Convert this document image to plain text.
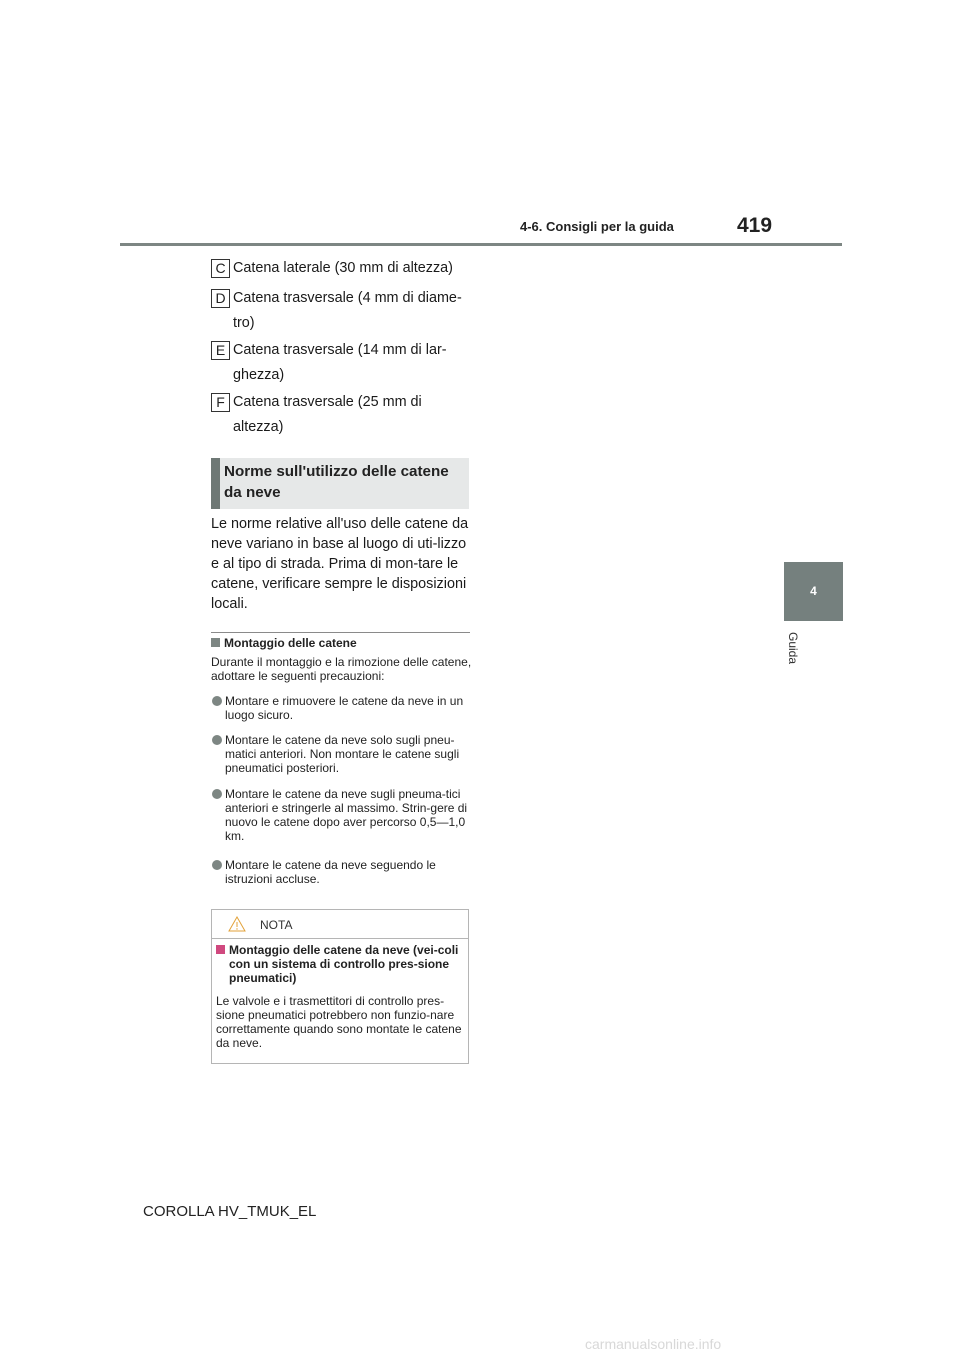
4-6. Consigli per la guida	419
4
Guida
C Catena laterale (30 mm di altezza)
D Catena trasversale (4 mm di diame-tro)
E Catena trasversale (14 mm di lar-ghezza)
F Catena trasversale (25 mm di altezza)
Norme sull'utilizzo delle catene da neve
Le norme relative all'uso delle catene da neve variano in base al luogo di uti-lizzo e al tipo di strada. Prima di mon-tare le catene, verificare sempre le disposizioni locali.
Montaggio delle catene
Durante il montaggio e la rimozione delle catene, adottare le seguenti precauzioni:
Montare e rimuovere le catene da neve in un luogo sicuro.
Montare le catene da neve solo sugli pneu-matici anteriori. Non montare le catene sugli pneumatici posteriori.
Montare le catene da neve sugli pneuma-tici anteriori e stringerle al massimo. Strin-gere di nuovo le catene dopo aver percorso 0,5—1,0 km.
Montare le catene da neve seguendo le istruzioni accluse.
NOTA
Montaggio delle catene da neve (vei-coli con un sistema di controllo pres-sione pneumatici)
Le valvole e i trasmettitori di controllo pres-sione pneumatici potrebbero non funzio-nare correttamente quando sono montate le catene da neve.
COROLLA HV_TMUK_EL
carmanualsonline.info
